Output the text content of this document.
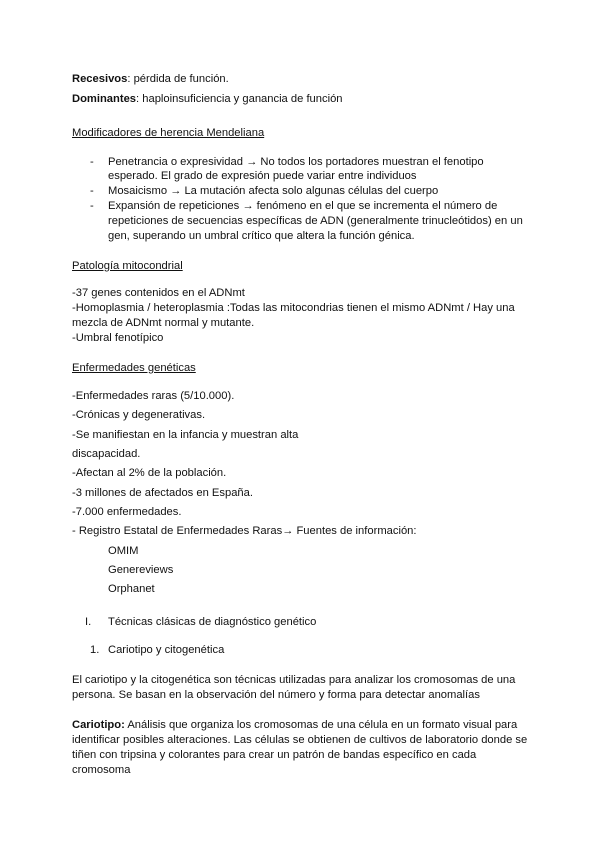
Recesivos: pérdida de función.
Dominantes: haploinsuficiencia y ganancia de función
Modificadores de herencia Mendeliana
- Penetrancia o expresividad → No todos los portadores muestran el fenotipo
esperado. El grado de expresión puede variar entre individuos
- Mosaicismo → La mutación afecta solo algunas células del cuerpo
- Expansión de repeticiones → fenómeno en el que se incrementa el número de
repeticiones de secuencias específicas de ADN (generalmente trinucleótidos) en un
gen, superando un umbral crítico que altera la función génica.
Patología mitocondrial
-37 genes contenidos en el ADNmt
-Homoplasmia / heteroplasmia :Todas las mitocondrias tienen el mismo ADNmt / Hay una
mezcla de ADNmt normal y mutante.
-Umbral fenotípico
Enfermedades genéticas
-Enfermedades raras (5/10.000).
-Crónicas y degenerativas.
-Se manifiestan en la infancia y muestran alta
discapacidad.
-Afectan al 2% de la población.
-3 millones de afectados en España.
-7.000 enfermedades.
- Registro Estatal de Enfermedades Raras→ Fuentes de información:
OMIM
Genereviews
Orphanet
I. Técnicas clásicas de diagnóstico genético
1. Cariotipo y citogenética
El cariotipo y la citogenética son técnicas utilizadas para analizar los cromosomas de una
persona. Se basan en la observación del número y forma para detectar anomalías
Cariotipo: Análisis que organiza los cromosomas de una célula en un formato visual para
identificar posibles alteraciones. Las células se obtienen de cultivos de laboratorio donde se
tiñen con tripsina y colorantes para crear un patrón de bandas específico en cada
cromosoma
